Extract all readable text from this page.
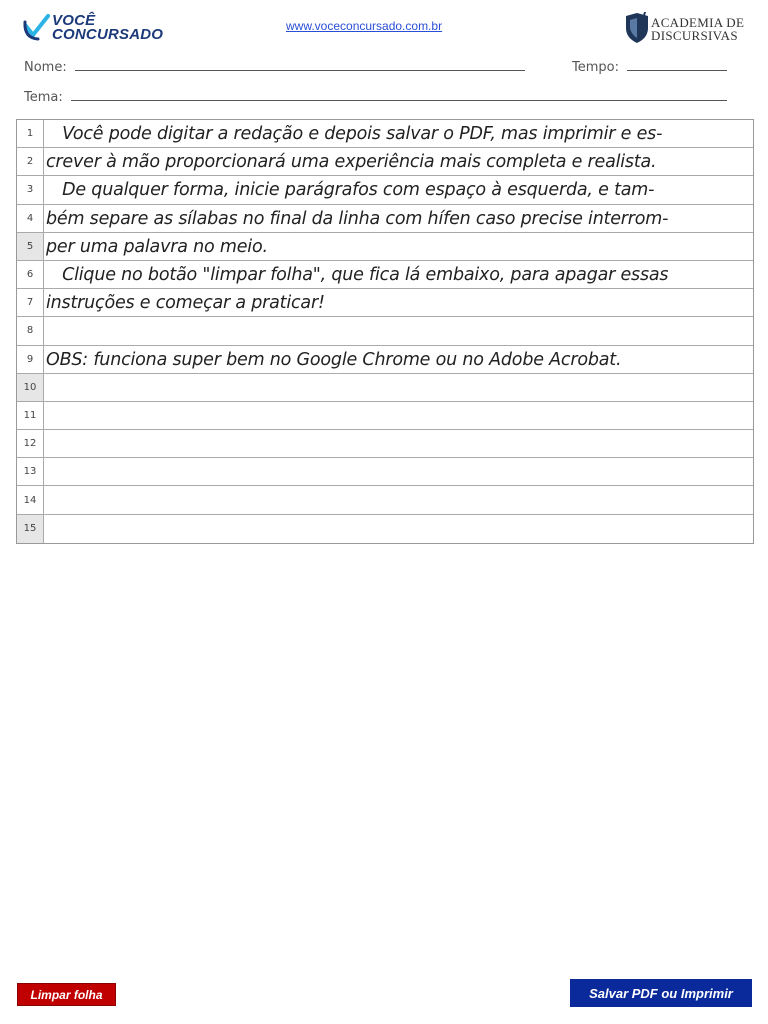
VOCÊ
CONCURSADO	www.voceconcursado.com.br	ACADEMIA DE
DISCURSIVAS
Nome:	Tempo:
Tema:
1 Você pode digitar a redação e depois salvar o PDF, mas imprimir e es-
2 crever à mão proporcionará uma experiência mais completa e realista.
3 De qualquer forma, inicie parágrafos com espaço à esquerda, e tam-
4 bém separe as sílabas no final da linha com hífen caso precise interrom-
5 per uma palavra no meio.
6 Clique no botão "limpar folha", que fica lá embaixo, para apagar essas
7 instruções e começar a praticar!
8
9 OBS: funciona super bem no Google Chrome ou no Adobe Acrobat.
10
11
12
13
14
15
Limpar folha	Salvar PDF ou Imprimir
